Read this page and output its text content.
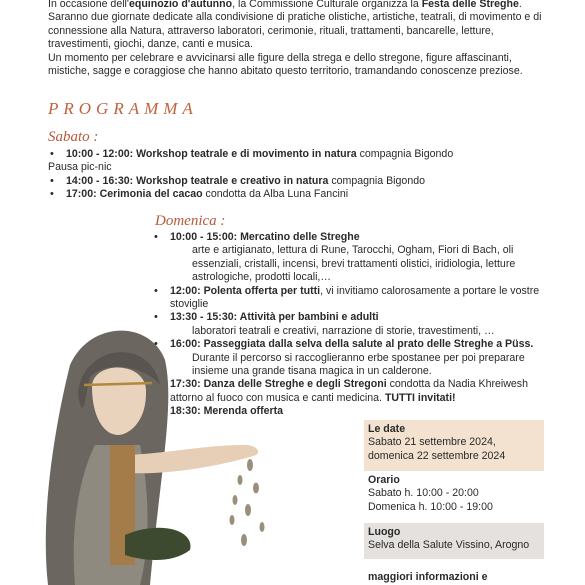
In occasione dell'equinozio d'autunno, la Commissione Culturale organizza la Festa delle Streghe.

Saranno due giornate dedicate alla condivisione di pratiche olistiche, artistiche, teatrali, di movimento e di connessione alla Natura, attraverso laboratori, cerimonie, rituali, trattamenti, bancarelle, letture, travestimenti, giochi, danze, canti e musica.

Un momento per celebrare e avvicinarsi alle figure della strega e dello stregone, figure affascinanti, mistiche, sagge e coraggiose che hanno abitato questo territorio, tramandando conoscenze preziose.

PROGRAMMA
Sabato :
• 10:00 - 12:00: Workshop teatrale e di movimento in natura compagnia Bigondo
Pausa pic-nic
• 14:00 - 16:30: Workshop teatrale e creativo in natura compagnia Bigondo
• 17:00: Cerimonia del cacao condotta da Alba Luna Fancini
Domenica :
• 10:00 - 15:00: Mercatino delle Streghe
arte e artigianato, lettura di Rune, Tarocchi, Ogham, Fiori di Bach, oli essenziali, cristalli, incensi, brevi trattamenti olistici, iridiologia, letture astrologiche, prodotti locali,…
• 12:00: Polenta offerta per tutti, vi invitiamo calorosamente a portare le vostre stoviglie
• 13:30 - 15:30: Attività per bambini e adulti
laboratori teatrali e creativi, narrazione di storie, travestimenti, …
• 16:00: Passeggiata dalla selva della salute al prato delle Streghe a Püss.
Durante il percorso si raccoglieranno erbe spostanee per poi preparare insieme una grande tisana magica in un calderone.
• 17:30: Danza delle Streghe e degli Stregoni condotta da Nadia Khreiwesh attorno al fuoco con musica e canti medicina. TUTTI invitati!
• 18:30: Merenda offerta
Le date
Sabato 21 settembre 2024,
domenica 22 settembre 2024
Orario
Sabato h. 10:00 - 20:00
Domenica h. 10:00 - 19:00
Luogo
Selva della Salute Vissino, Arogno
maggiori informazioni e
